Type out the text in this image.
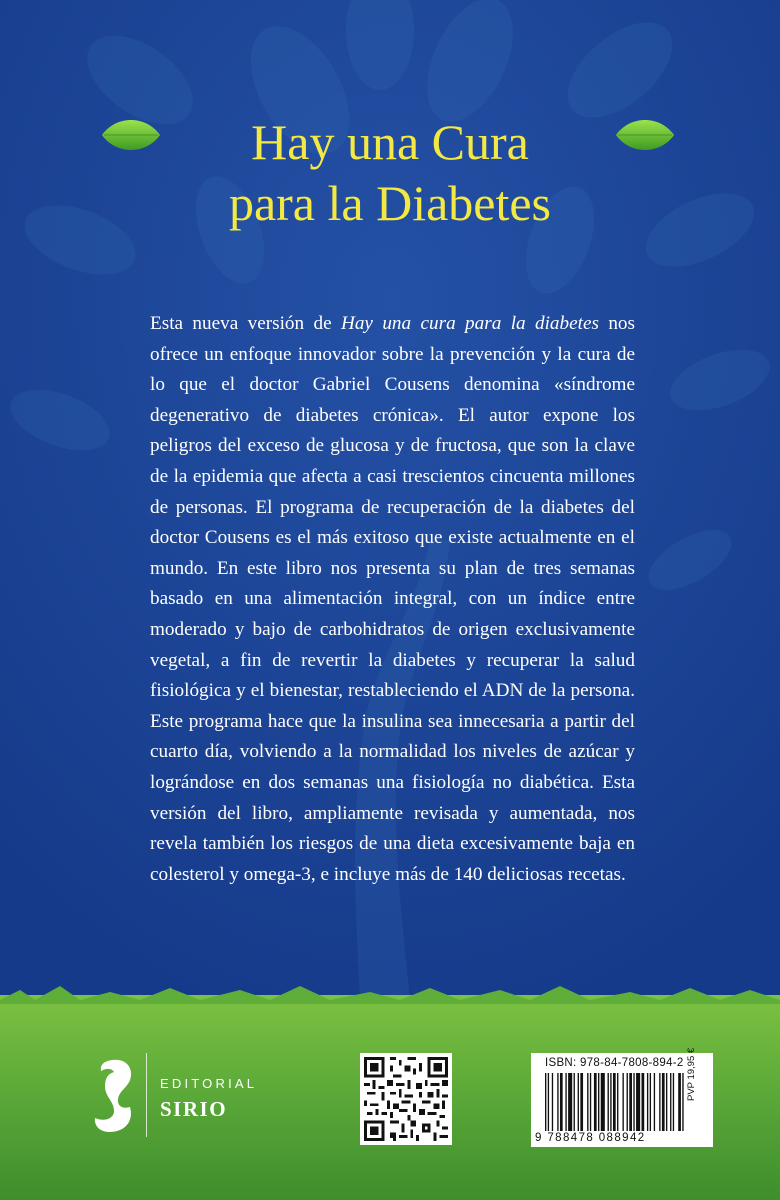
Hay una Cura
para la Diabetes
Esta nueva versión de Hay una cura para la diabetes nos ofrece un enfoque innovador sobre la prevención y la cura de lo que el doctor Gabriel Cousens denomina «síndrome degenerativo de diabetes crónica». El autor expone los peligros del exceso de glucosa y de fructosa, que son la clave de la epidemia que afecta a casi trescientos cincuenta millones de personas. El programa de recuperación de la diabetes del doctor Cousens es el más exitoso que existe actualmente en el mundo. En este libro nos presenta su plan de tres semanas basado en una alimentación integral, con un índice entre moderado y bajo de carbohidratos de origen exclusivamente vegetal, a fin de revertir la diabetes y recuperar la salud fisiológica y el bienestar, restableciendo el ADN de la persona. Este programa hace que la insulina sea innecesaria a partir del cuarto día, volviendo a la normalidad los niveles de azúcar y lográndose en dos semanas una fisiología no diabética. Esta versión del libro, ampliamente revisada y aumentada, nos revela también los riesgos de una dieta excesivamente baja en colesterol y omega-3, e incluye más de 140 deliciosas recetas.
EDITORIAL
SIRIO
ISBN: 978-84-7808-894-2
9 788478 088942
PVP 19,95 €
